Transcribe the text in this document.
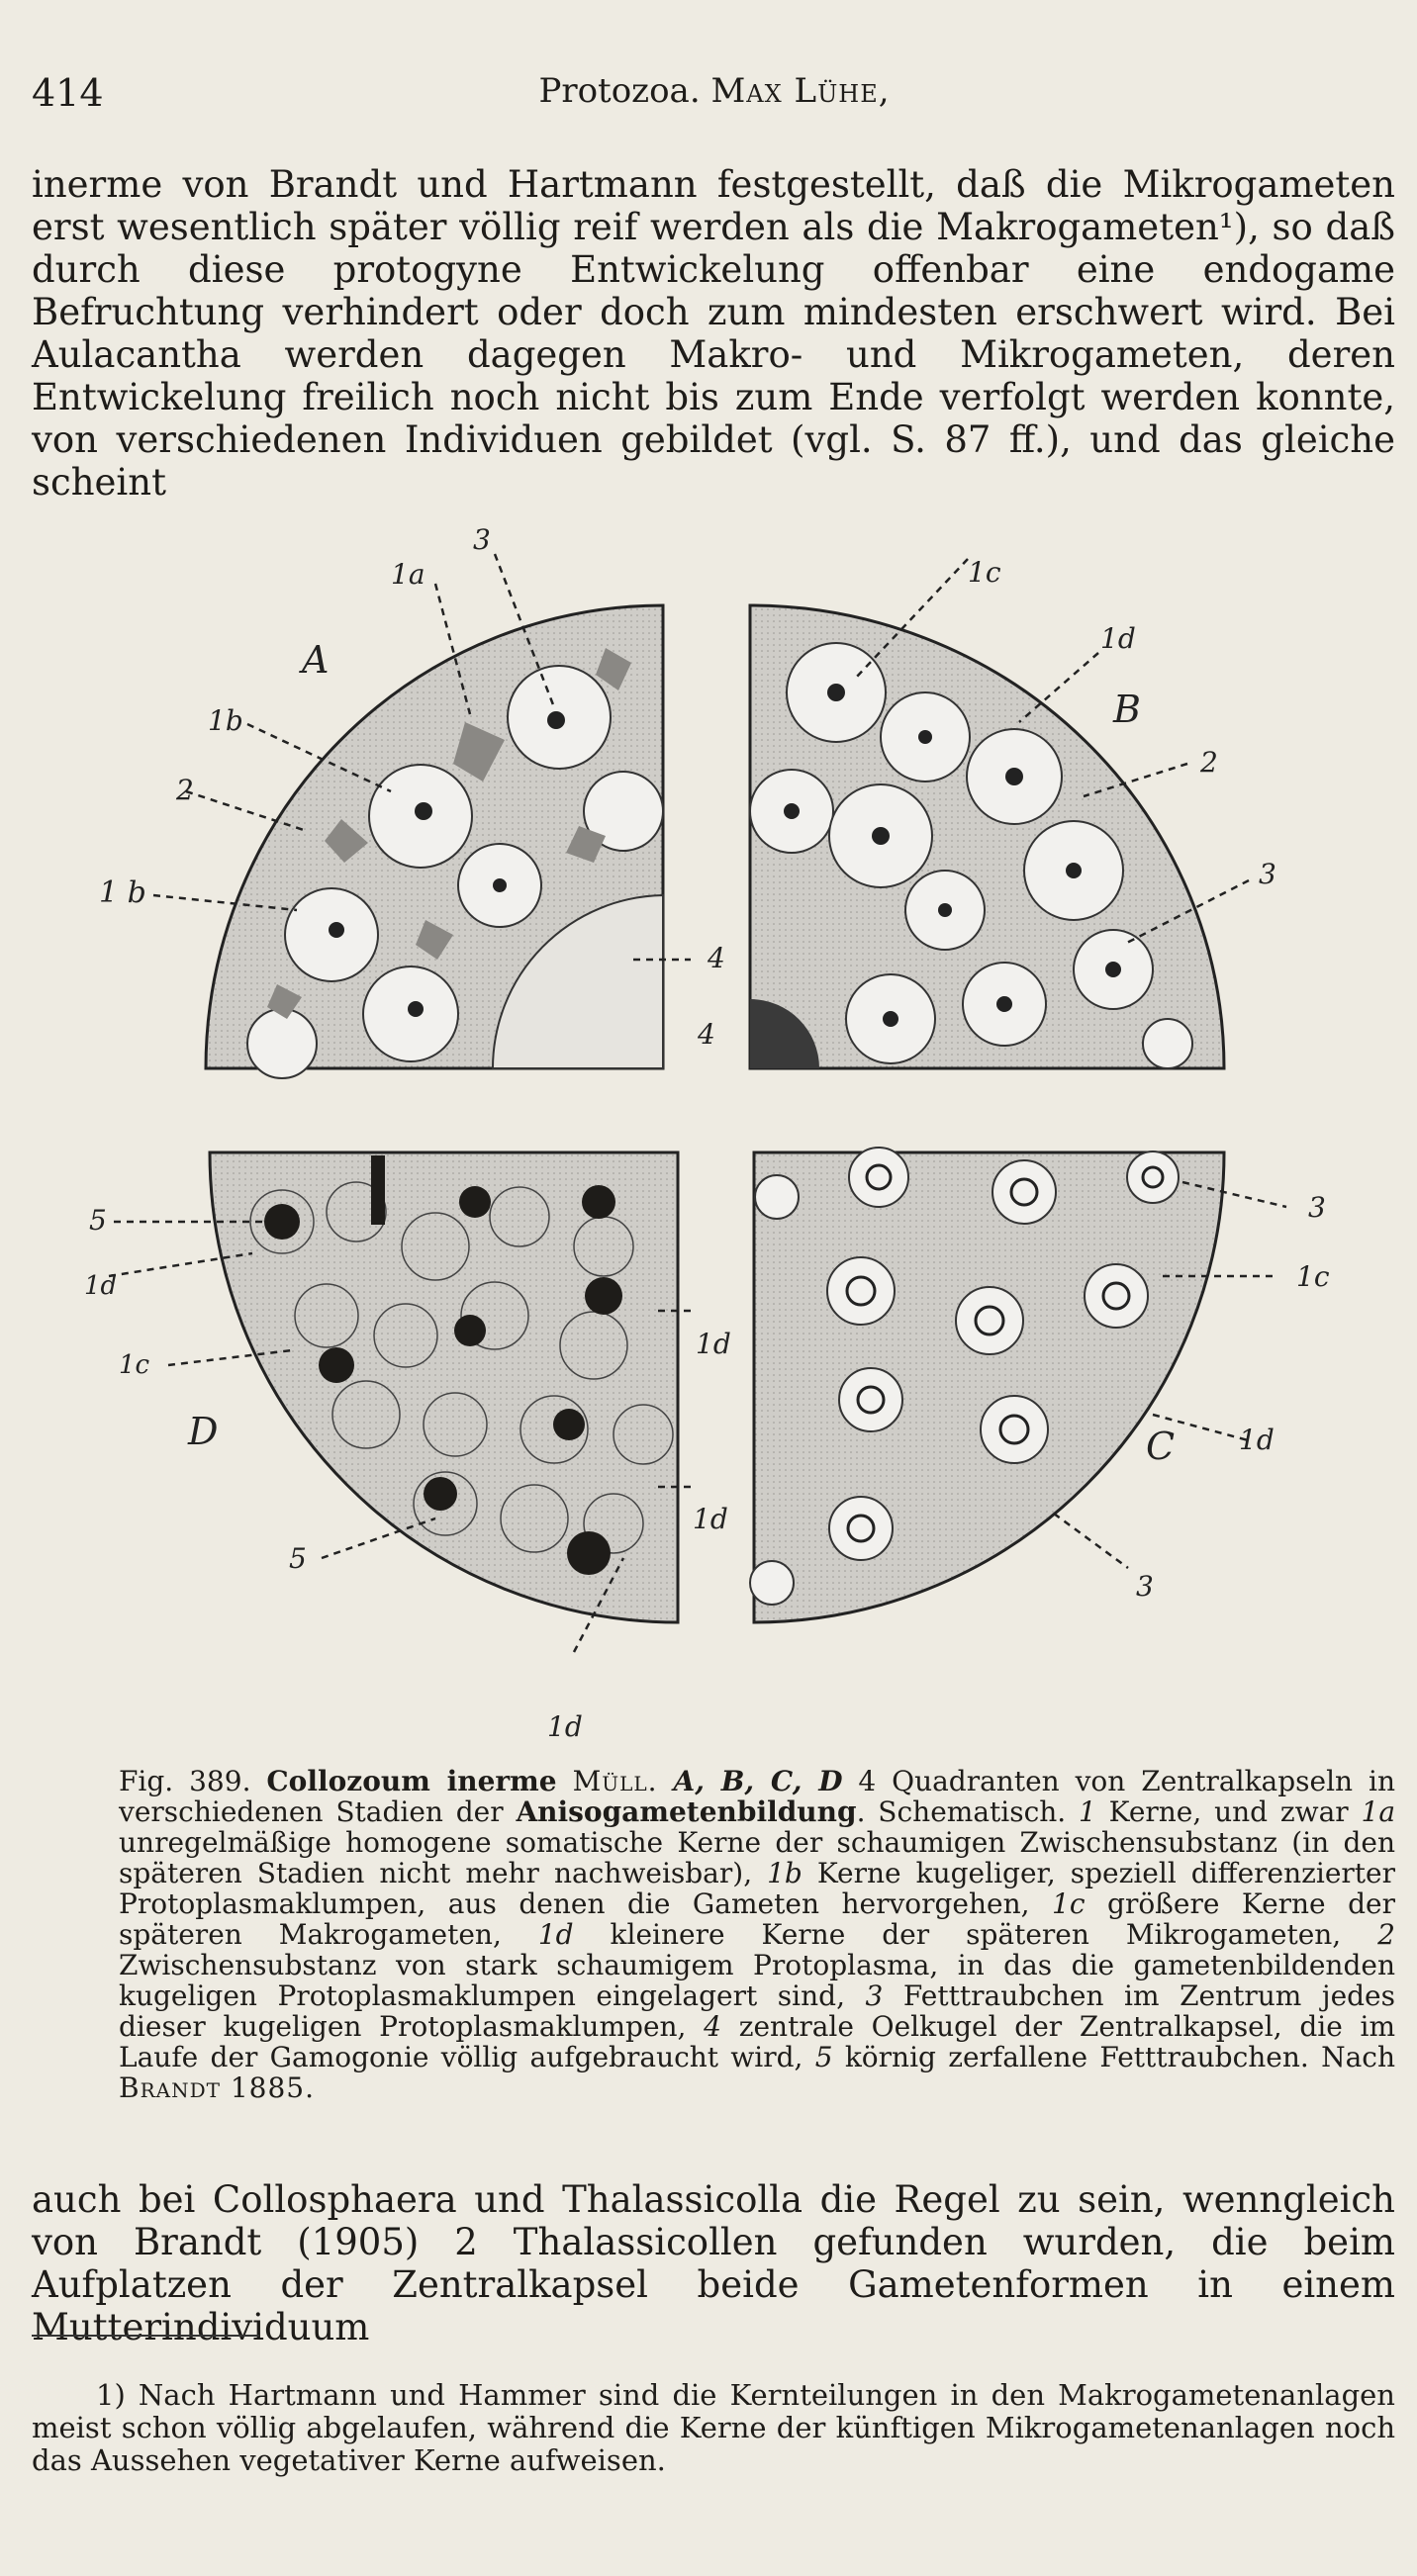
414	Protozoa. Max Lühe,

inerme von Brandt und Hartmann festgestellt, daß die Mikrogameten erst wesentlich später völlig reif werden als die Makrogameten¹), so daß durch diese protogyne Entwickelung offenbar eine endogame Befruchtung verhindert oder doch zum mindesten erschwert wird. Bei Aulacantha werden dagegen Makro- und Mikrogameten, deren Entwickelung freilich noch nicht bis zum Ende verfolgt werden konnte, von verschiedenen Individuen gebildet (vgl. S. 87 ff.), und das gleiche scheint

A
B
C
D
1a
3
1b
2
1 b
4
1c
1d
2
3
4
5
1d
1c
1d
1d
5
1d
3
1c
1d
3

Fig. 389. Collozoum inerme Müll. A, B, C, D 4 Quadranten von Zentralkapseln in verschiedenen Stadien der Anisogametenbildung. Schematisch. 1 Kerne, und zwar 1a unregelmäßige homogene somatische Kerne der schaumigen Zwischensubstanz (in den späteren Stadien nicht mehr nachweisbar), 1b Kerne kugeliger, speziell differenzierter Protoplasmaklumpen, aus denen die Gameten hervorgehen, 1c größere Kerne der späteren Makrogameten, 1d kleinere Kerne der späteren Mikrogameten, 2 Zwischensubstanz von stark schaumigem Protoplasma, in das die gametenbildenden kugeligen Protoplasmaklumpen eingelagert sind, 3 Fetttraubchen im Zentrum jedes dieser kugeligen Protoplasmaklumpen, 4 zentrale Oelkugel der Zentralkapsel, die im Laufe der Gamogonie völlig aufgebraucht wird, 5 körnig zerfallene Fetttraubchen. Nach Brandt 1885.

auch bei Collosphaera und Thalassicolla die Regel zu sein, wenngleich von Brandt (1905) 2 Thalassicollen gefunden wurden, die beim Aufplatzen der Zentralkapsel beide Gametenformen in einem Mutterindividuum

1) Nach Hartmann und Hammer sind die Kernteilungen in den Makrogametenanlagen meist schon völlig abgelaufen, während die Kerne der künftigen Mikrogametenanlagen noch das Aussehen vegetativer Kerne aufweisen.
